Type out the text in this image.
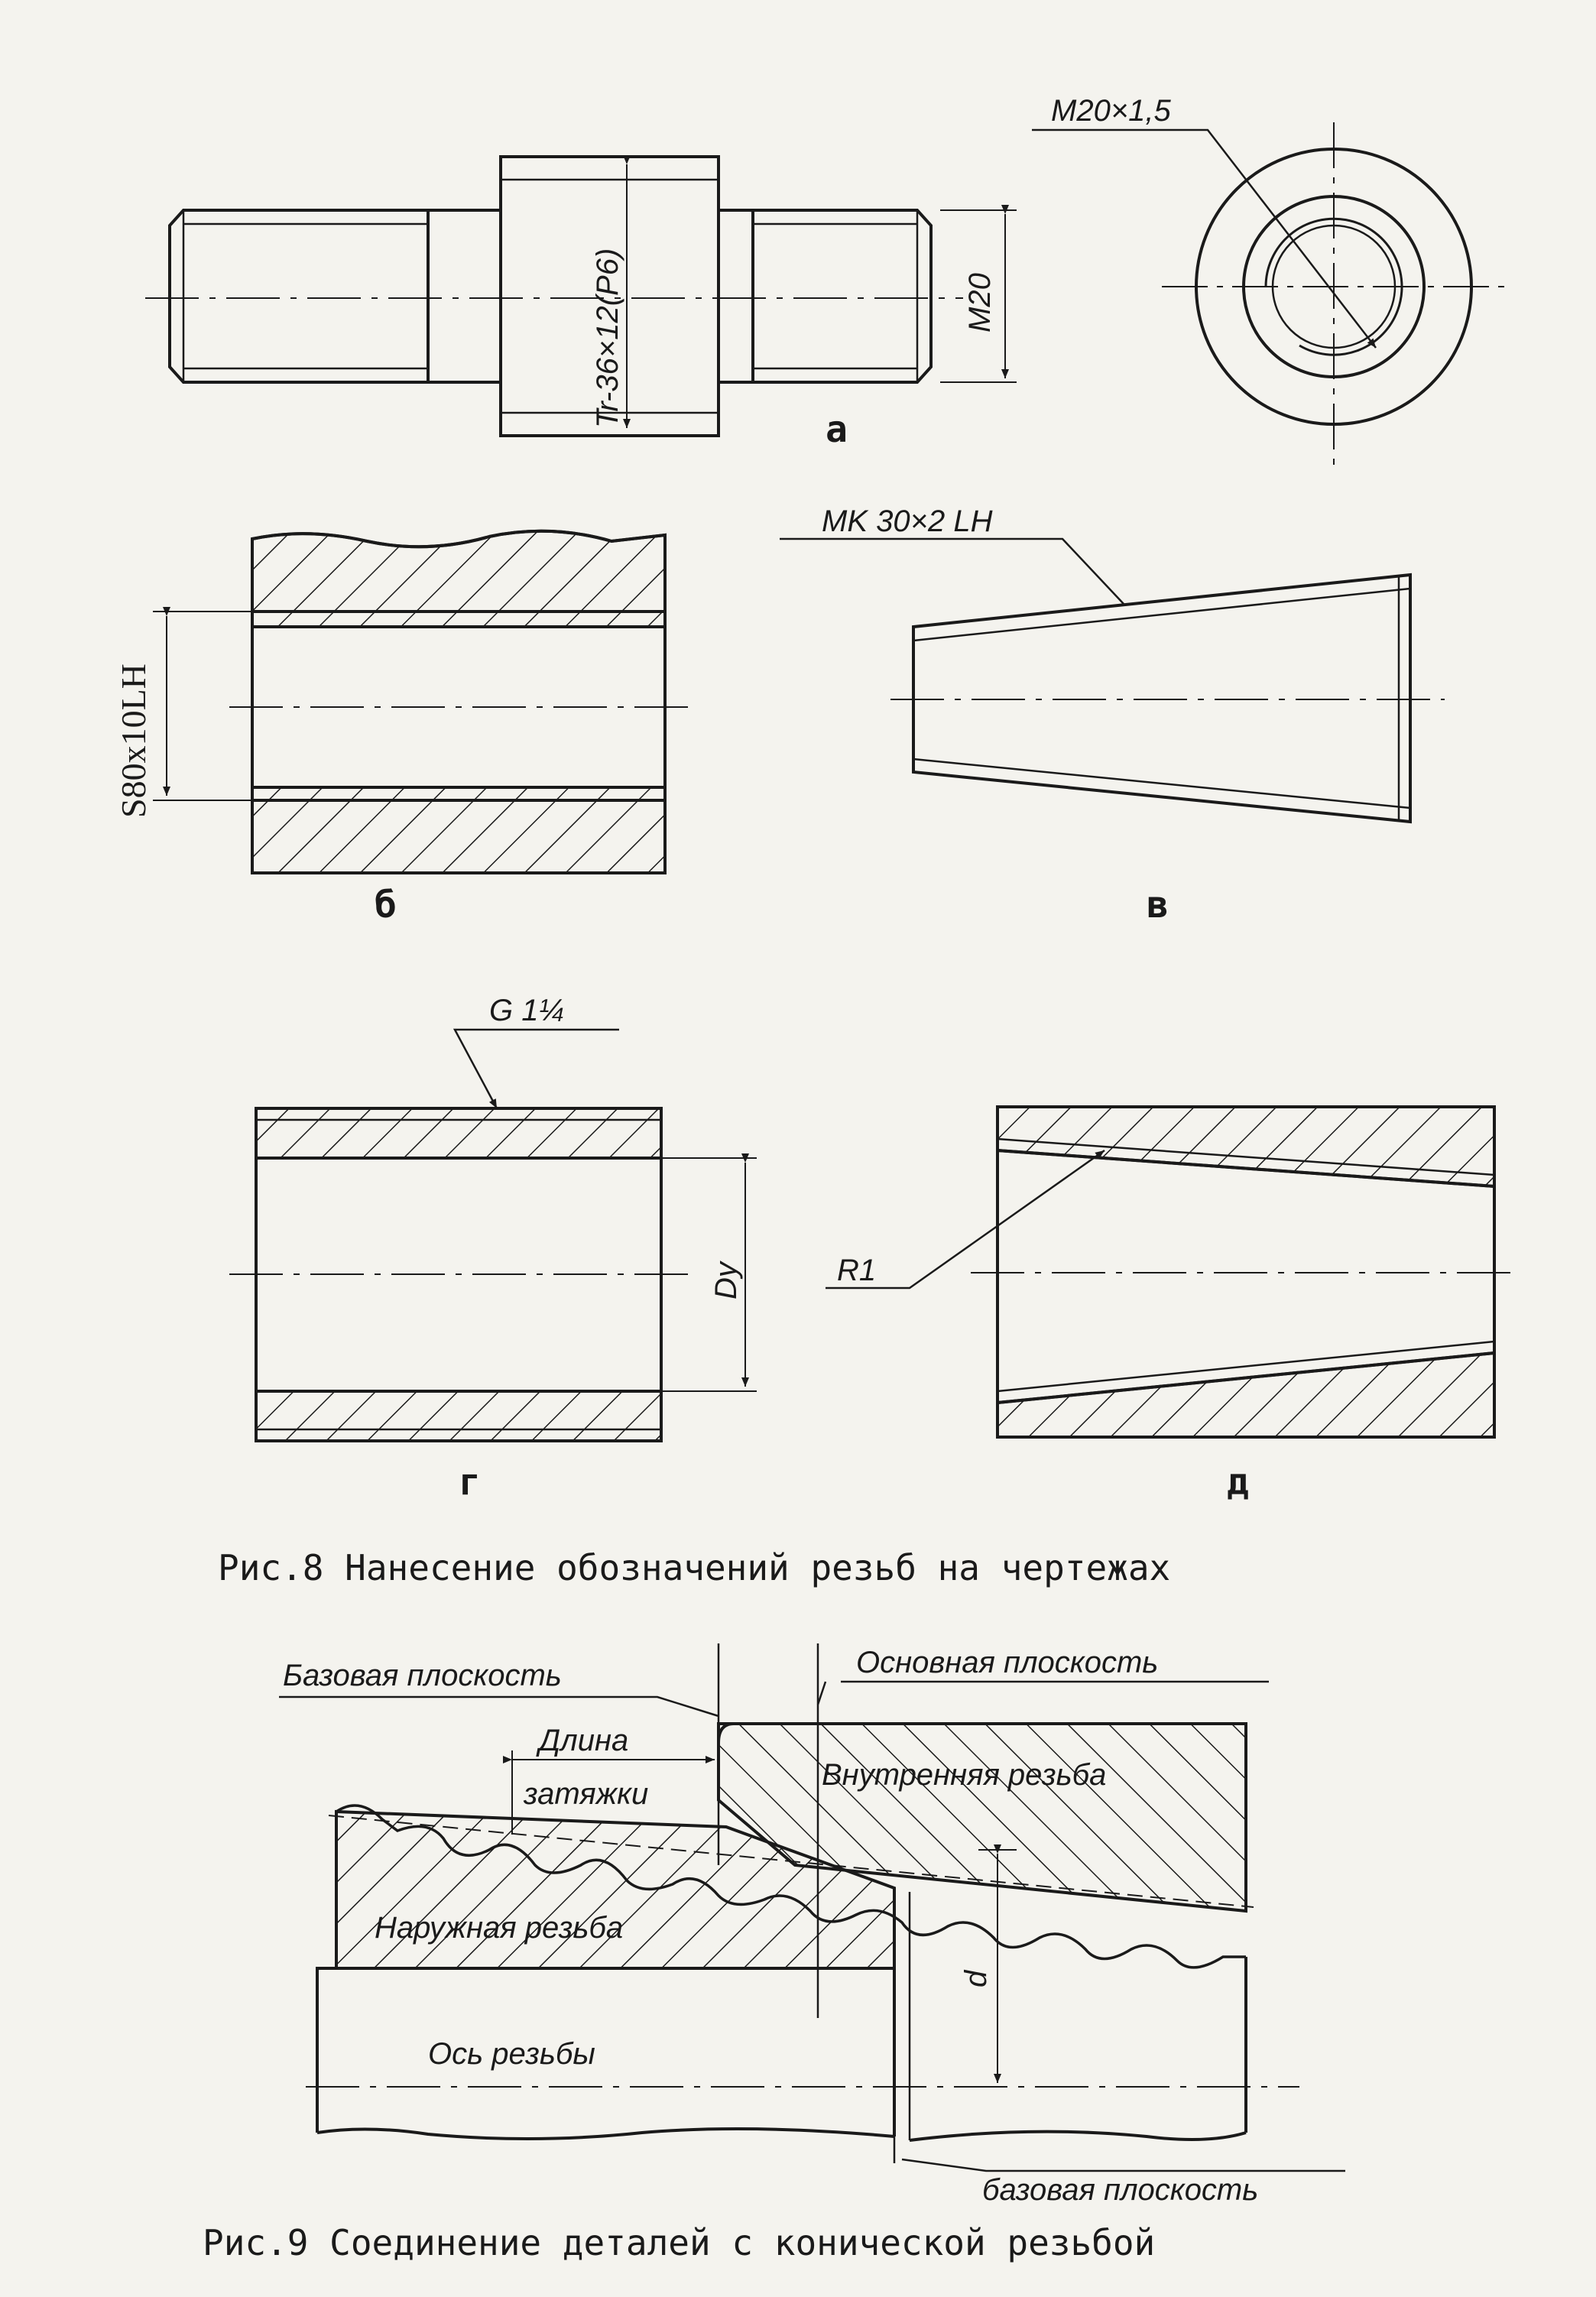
M20×1,5
Tr-36×12(P6)	M20
а
S80x10LH
б
MK 30×2 LH
в
G 1¼
Dy
г
R1
д
Рис.8 Нанесение обозначений резьб на чертежах
Базовая плоскость	Основная плоскость
Длина
затяжки
Внутренняя резьба
Наружная резьба
Ось резьбы
d
базовая плоскость
Рис.9 Соединение деталей с конической резьбой
